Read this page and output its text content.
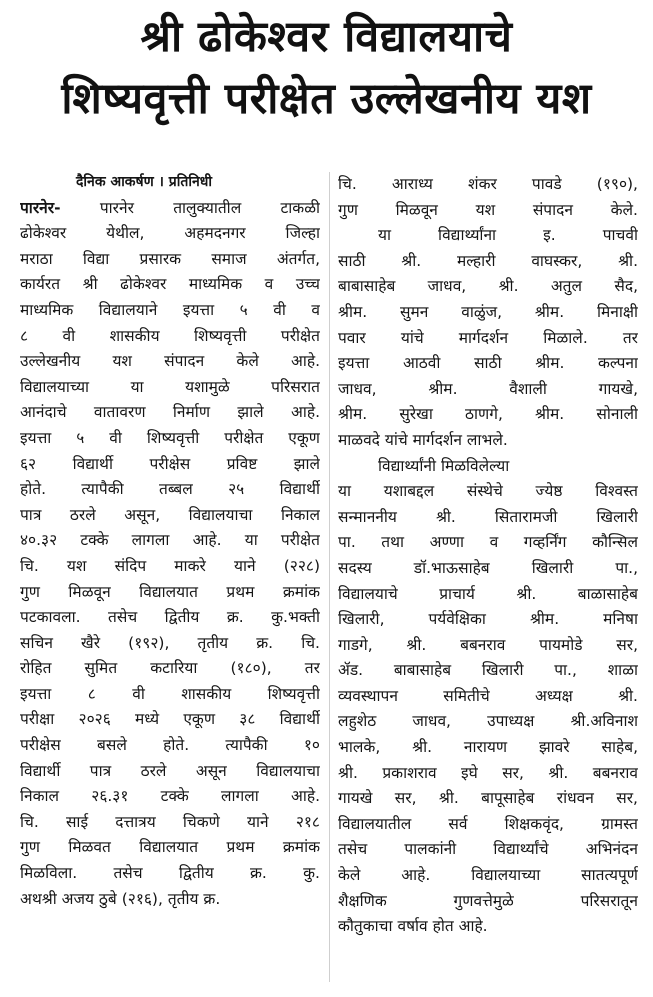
श्री ढोकेश्वर विद्यालयाचे
शिष्यवृत्ती परीक्षेत उल्लेखनीय यश
दैनिक आकर्षण । प्रतिनिधी
पारनेर- पारनेर तालुक्यातील टाकळी
ढोकेश्वर येथील, अहमदनगर जिल्हा
मराठा विद्या प्रसारक समाज अंतर्गत,
कार्यरत श्री ढोकेश्वर माध्यमिक व उच्च
माध्यमिक विद्यालयाने इयत्ता ५ वी व
८ वी शासकीय शिष्यवृत्ती परीक्षेत
उल्लेखनीय यश संपादन केले आहे.
विद्यालयाच्या या यशामुळे परिसरात
आनंदाचे वातावरण निर्माण झाले आहे.
इयत्ता ५ वी शिष्यवृत्ती परीक्षेत एकूण
६२ विद्यार्थी परीक्षेस प्रविष्ट झाले
होते. त्यापैकी तब्बल २५ विद्यार्थी
पात्र ठरले असून, विद्यालयाचा निकाल
४०.३२ टक्के लागला आहे. या परीक्षेत
चि. यश संदिप माकरे याने (२२८)
गुण मिळवून विद्यालयात प्रथम क्रमांक
पटकावला. तसेच द्वितीय क्र. कु.भक्ती
सचिन खैरे (१९२), तृतीय क्र. चि.
रोहित सुमित कटारिया (१८०), तर
इयत्ता ८ वी शासकीय शिष्यवृत्ती
परीक्षा २०२६ मध्ये एकूण ३८ विद्यार्थी
परीक्षेस बसले होते. त्यापैकी १०
विद्यार्थी पात्र ठरले असून विद्यालयाचा
निकाल २६.३१ टक्के लागला आहे.
चि. साई दत्तात्रय चिकणे याने २१८
गुण मिळवत विद्यालयात प्रथम क्रमांक
मिळविला. तसेच द्वितीय क्र. कु.
अथश्री अजय ठुबे (२१६), तृतीय क्र.
चि. आराध्य शंकर पावडे (१९०),
गुण मिळवून यश संपादन केले.
या विद्यार्थ्यांना इ. पाचवी
साठी श्री. मल्हारी वाघस्कर, श्री.
बाबासाहेब जाधव, श्री. अतुल सैद,
श्रीम. सुमन वाळुंज, श्रीम. मिनाक्षी
पवार यांचे मार्गदर्शन मिळाले. तर
इयत्ता आठवी साठी श्रीम. कल्पना
जाधव, श्रीम. वैशाली गायखे,
श्रीम. सुरेखा ठाणगे, श्रीम. सोनाली
माळवदे यांचे मार्गदर्शन लाभले.
विद्यार्थ्यांनी मिळविलेल्या
या यशाबद्दल संस्थेचे ज्येष्ठ विश्वस्त
सन्माननीय श्री. सितारामजी खिलारी
पा. तथा अण्णा व गव्हर्निंग कौन्सिल
सदस्य डॉ.भाऊसाहेब खिलारी पा.,
विद्यालयाचे प्राचार्य श्री. बाळासाहेब
खिलारी, पर्यवेक्षिका श्रीम. मनिषा
गाडगे, श्री. बबनराव पायमोडे सर,
ॲड. बाबासाहेब खिलारी पा., शाळा
व्यवस्थापन समितीचे अध्यक्ष श्री.
लहुशेठ जाधव, उपाध्यक्ष श्री.अविनाश
भालके, श्री. नारायण झावरे साहेब,
श्री. प्रकाशराव इघे सर, श्री. बबनराव
गायखे सर, श्री. बापूसाहेब रांधवन सर,
विद्यालयातील सर्व शिक्षकवृंद, ग्रामस्त
तसेच पालकांनी विद्यार्थ्यांचे अभिनंदन
केले आहे. विद्यालयाच्या सातत्यपूर्ण
शैक्षणिक गुणवत्तेमुळे परिसरातून
कौतुकाचा वर्षाव होत आहे.
